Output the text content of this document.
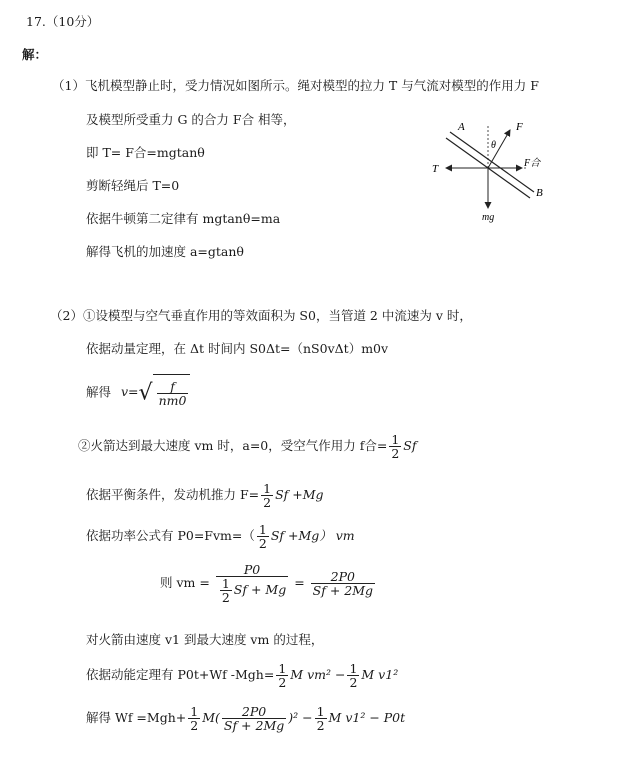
17.（10分）
解：
（1）飞机模型静止时，受力情况如图所示。绳对模型的拉力 T 与气流对模型的作用力 F
及模型所受重力 G 的合力 F合 相等，
即 T= F合=mgtanθ
剪断轻绳后 T=0
依据牛顿第二定律有 mgtanθ=ma
解得飞机的加速度 a=gtanθ
A
B
F
T
θ
F合
mg
（2）①设模型与空气垂直作用的等效面积为 S0，当管道 2 中流速为 v 时，
依据动量定理，在 Δt 时间内 S0Δt=（nS0vΔt）m0v
解得 $v=√ \frac{f}{nm0}$
②火箭达到最大速度 vm 时，a=0，受空气作用力 f合= $\frac{1}{2}$ Sf
依据平衡条件，发动机推力 $F= \frac{1}{2}$ Sf +Mg
依据功率公式有 $P0=Fvm=( \frac{1}{2}$ Sf +Mg） vm
则 vm = $\frac{P0}{\frac{1}{2} Sf + Mg} = \frac{2P0}{Sf + 2Mg}$
对火箭由速度 v1 到最大速度 vm 的过程，
依据动能定理有 P0t+Wf $-Mgh= \frac{1}{2}$ M $vm^2 - \frac{1}{2}$ M v1²
解得 $Wf =Mgh+ \frac{1}{2} M( \frac{2P0}{Sf + 2Mg} )^2 - \frac{1}{2}$ M v1² − P0t
